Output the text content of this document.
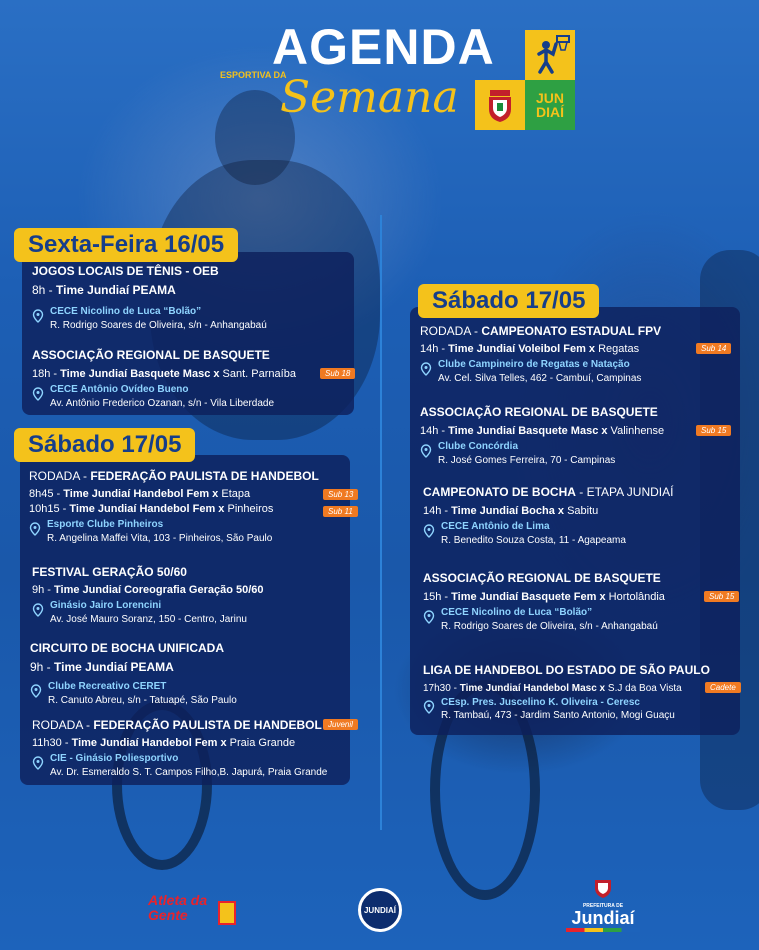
AGENDA
ESPORTIVA DA
Semana	JUN DIAÍ
JOGOS LOCAIS DE TÊNIS - OEB
8h - Time Jundiaí PEAMA
CECE Nicolino de Luca “Bolão”
R. Rodrigo Soares de Oliveira, s/n - Anhangabaú
ASSOCIAÇÃO REGIONAL DE BASQUETE
18h - Time Jundiaí Basquete Masc x Sant. Parnaíba	Sub 18
CECE Antônio Ovídeo Bueno
Av. Antônio Frederico Ozanan, s/n - Vila Liberdade
Sexta-Feira 16/05
RODADA - FEDERAÇÃO PAULISTA DE HANDEBOL
8h45 - Time Jundiaí Handebol Fem x Etapa	Sub 13
10h15 - Time Jundiaí Handebol Fem x Pinheiros	Sub 11
Esporte Clube Pinheiros
R. Angelina Maffei Vita, 103 - Pinheiros, São Paulo
FESTIVAL GERAÇÃO 50/60
9h - Time Jundiaí Coreografia Geração 50/60
Ginásio Jairo Lorencini
Av. José Mauro Soranz, 150 - Centro, Jarinu
CIRCUITO DE BOCHA UNIFICADA
9h - Time Jundiaí PEAMA
Clube Recreativo CERET
R. Canuto Abreu, s/n - Tatuapé, São Paulo
RODADA - FEDERAÇÃO PAULISTA DE HANDEBOL Juvenil
11h30 - Time Jundiaí Handebol Fem x Praia Grande
CIE - Ginásio Poliesportivo
Av. Dr. Esmeraldo S. T. Campos Filho,B. Japurá, Praia Grande
Sábado 17/05
RODADA - CAMPEONATO ESTADUAL FPV
14h - Time Jundiaí Voleibol Fem x Regatas	Sub 14
Clube Campineiro de Regatas e Natação
Av. Cel. Silva Telles, 462 - Cambuí, Campinas
ASSOCIAÇÃO REGIONAL DE BASQUETE
14h - Time Jundiaí Basquete Masc x Valinhense	Sub 15
Clube Concórdia
R. José Gomes Ferreira, 70 - Campinas
CAMPEONATO DE BOCHA - ETAPA JUNDIAÍ
14h - Time Jundiaí Bocha x Sabitu
CECE Antônio de Lima
R. Benedito Souza Costa, 11 - Agapeama
ASSOCIAÇÃO REGIONAL DE BASQUETE
15h - Time Jundiaí Basquete Fem x Hortolândia	Sub 15
CECE Nicolino de Luca “Bolão”
R. Rodrigo Soares de Oliveira, s/n - Anhangabaú
LIGA DE HANDEBOL DO ESTADO DE SÃO PAULO
17h30 - Time Jundiaí Handebol Masc x S.J da Boa Vista	Cadete
CEsp. Pres. Juscelino K. Oliveira - Ceresc
R. Tambaú, 473 - Jardim Santo Antonio, Mogi Guaçu
Sábado 17/05
Atleta da Gente	JUNDIAÍ	PREFEITURA DE
Jundiaí
